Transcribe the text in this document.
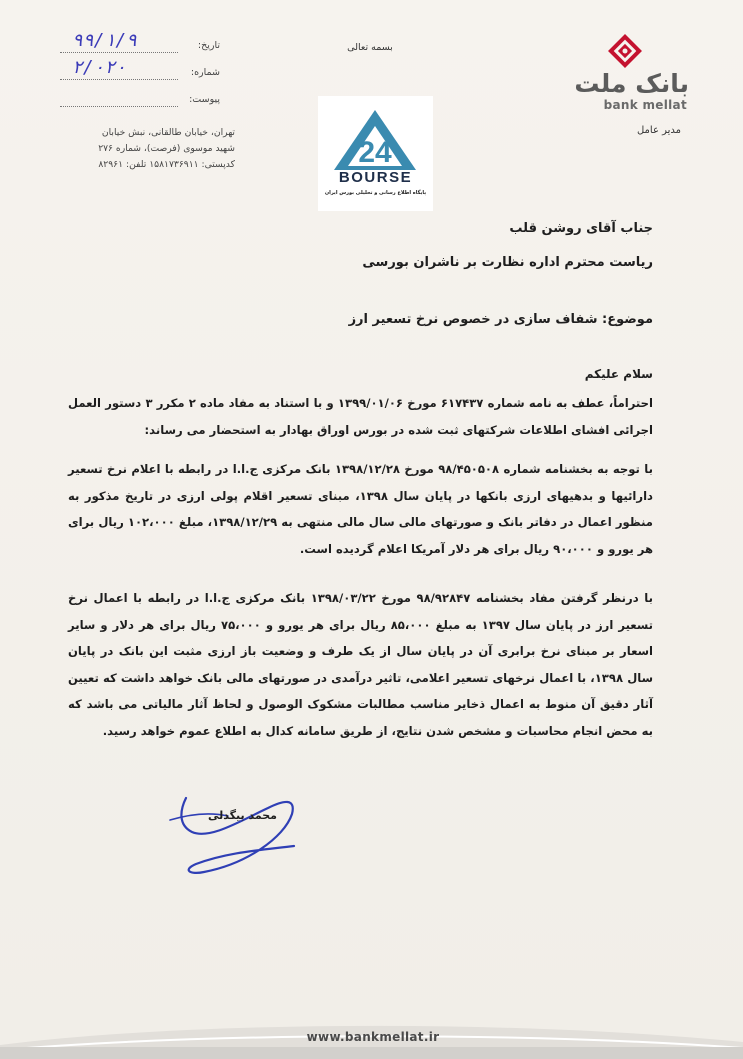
بانک ملت
bank mellat
مدیر عامل
بسمه تعالی
24
BOURSE
پایگاه اطلاع رسانی و تحلیلی بورس ایران
تاریخ:
۹۹/۱/۹
شماره:
۲/۰۲۰
پیوست:
تهران، خیابان طالقانی، نبش خیابان
شهید موسوی (فرصت)، شماره ۲۷۶
کدپستی: ۱۵۸۱۷۳۶۹۱۱ تلفن: ۸۲۹۶۱
جناب آقای روشن قلب
ریاست محترم اداره نظارت بر ناشران بورسی
موضوع: شفاف سازی در خصوص نرخ تسعیر ارز
سلام علیکم
احتراماً، عطف به نامه شماره ۶۱۷۴۳۷ مورخ ۱۳۹۹/۰۱/۰۶ و با استناد به مفاد ماده ۲ مکرر ۳ دستور العمل اجرائی افشای اطلاعات شرکتهای ثبت شده در بورس اوراق بهادار به استحضار می رساند:
با توجه به بخشنامه شماره ۹۸/۴۵۰۵۰۸ مورخ ۱۳۹۸/۱۲/۲۸ بانک مرکزی ج.ا.ا در رابطه با اعلام نرخ تسعیر دارائیها و بدهیهای ارزی بانکها در پایان سال ۱۳۹۸، مبنای تسعیر اقلام پولی ارزی در تاریخ مذکور به منظور اعمال در دفاتر بانک و صورتهای مالی سال مالی منتهی به ۱۳۹۸/۱۲/۲۹، مبلغ ۱۰۲،۰۰۰ ریال برای هر یورو و ۹۰،۰۰۰ ریال برای هر دلار آمریکا اعلام گردیده است.
با درنظر گرفتن مفاد بخشنامه ۹۸/۹۲۸۴۷ مورخ ۱۳۹۸/۰۳/۲۲ بانک مرکزی ج.ا.ا در رابطه با اعمال نرخ تسعیر ارز در پایان سال ۱۳۹۷ به مبلغ ۸۵،۰۰۰ ریال برای هر یورو و ۷۵،۰۰۰ ریال برای هر دلار و سایر اسعار بر مبنای نرخ برابری آن در پایان سال از یک طرف و وضعیت باز ارزی مثبت این بانک در پایان سال ۱۳۹۸، با اعمال نرخهای تسعیر اعلامی، تاثیر درآمدی در صورتهای مالی بانک خواهد داشت که تعیین آثار دقیق آن منوط به اعمال ذخایر مناسب مطالبات مشکوک الوصول و لحاظ آثار مالیاتی می باشد که به محض انجام محاسبات و مشخص شدن نتایج، از طریق سامانه کدال به اطلاع عموم خواهد رسید.
محمد بیگدلی
www.bankmellat.ir
